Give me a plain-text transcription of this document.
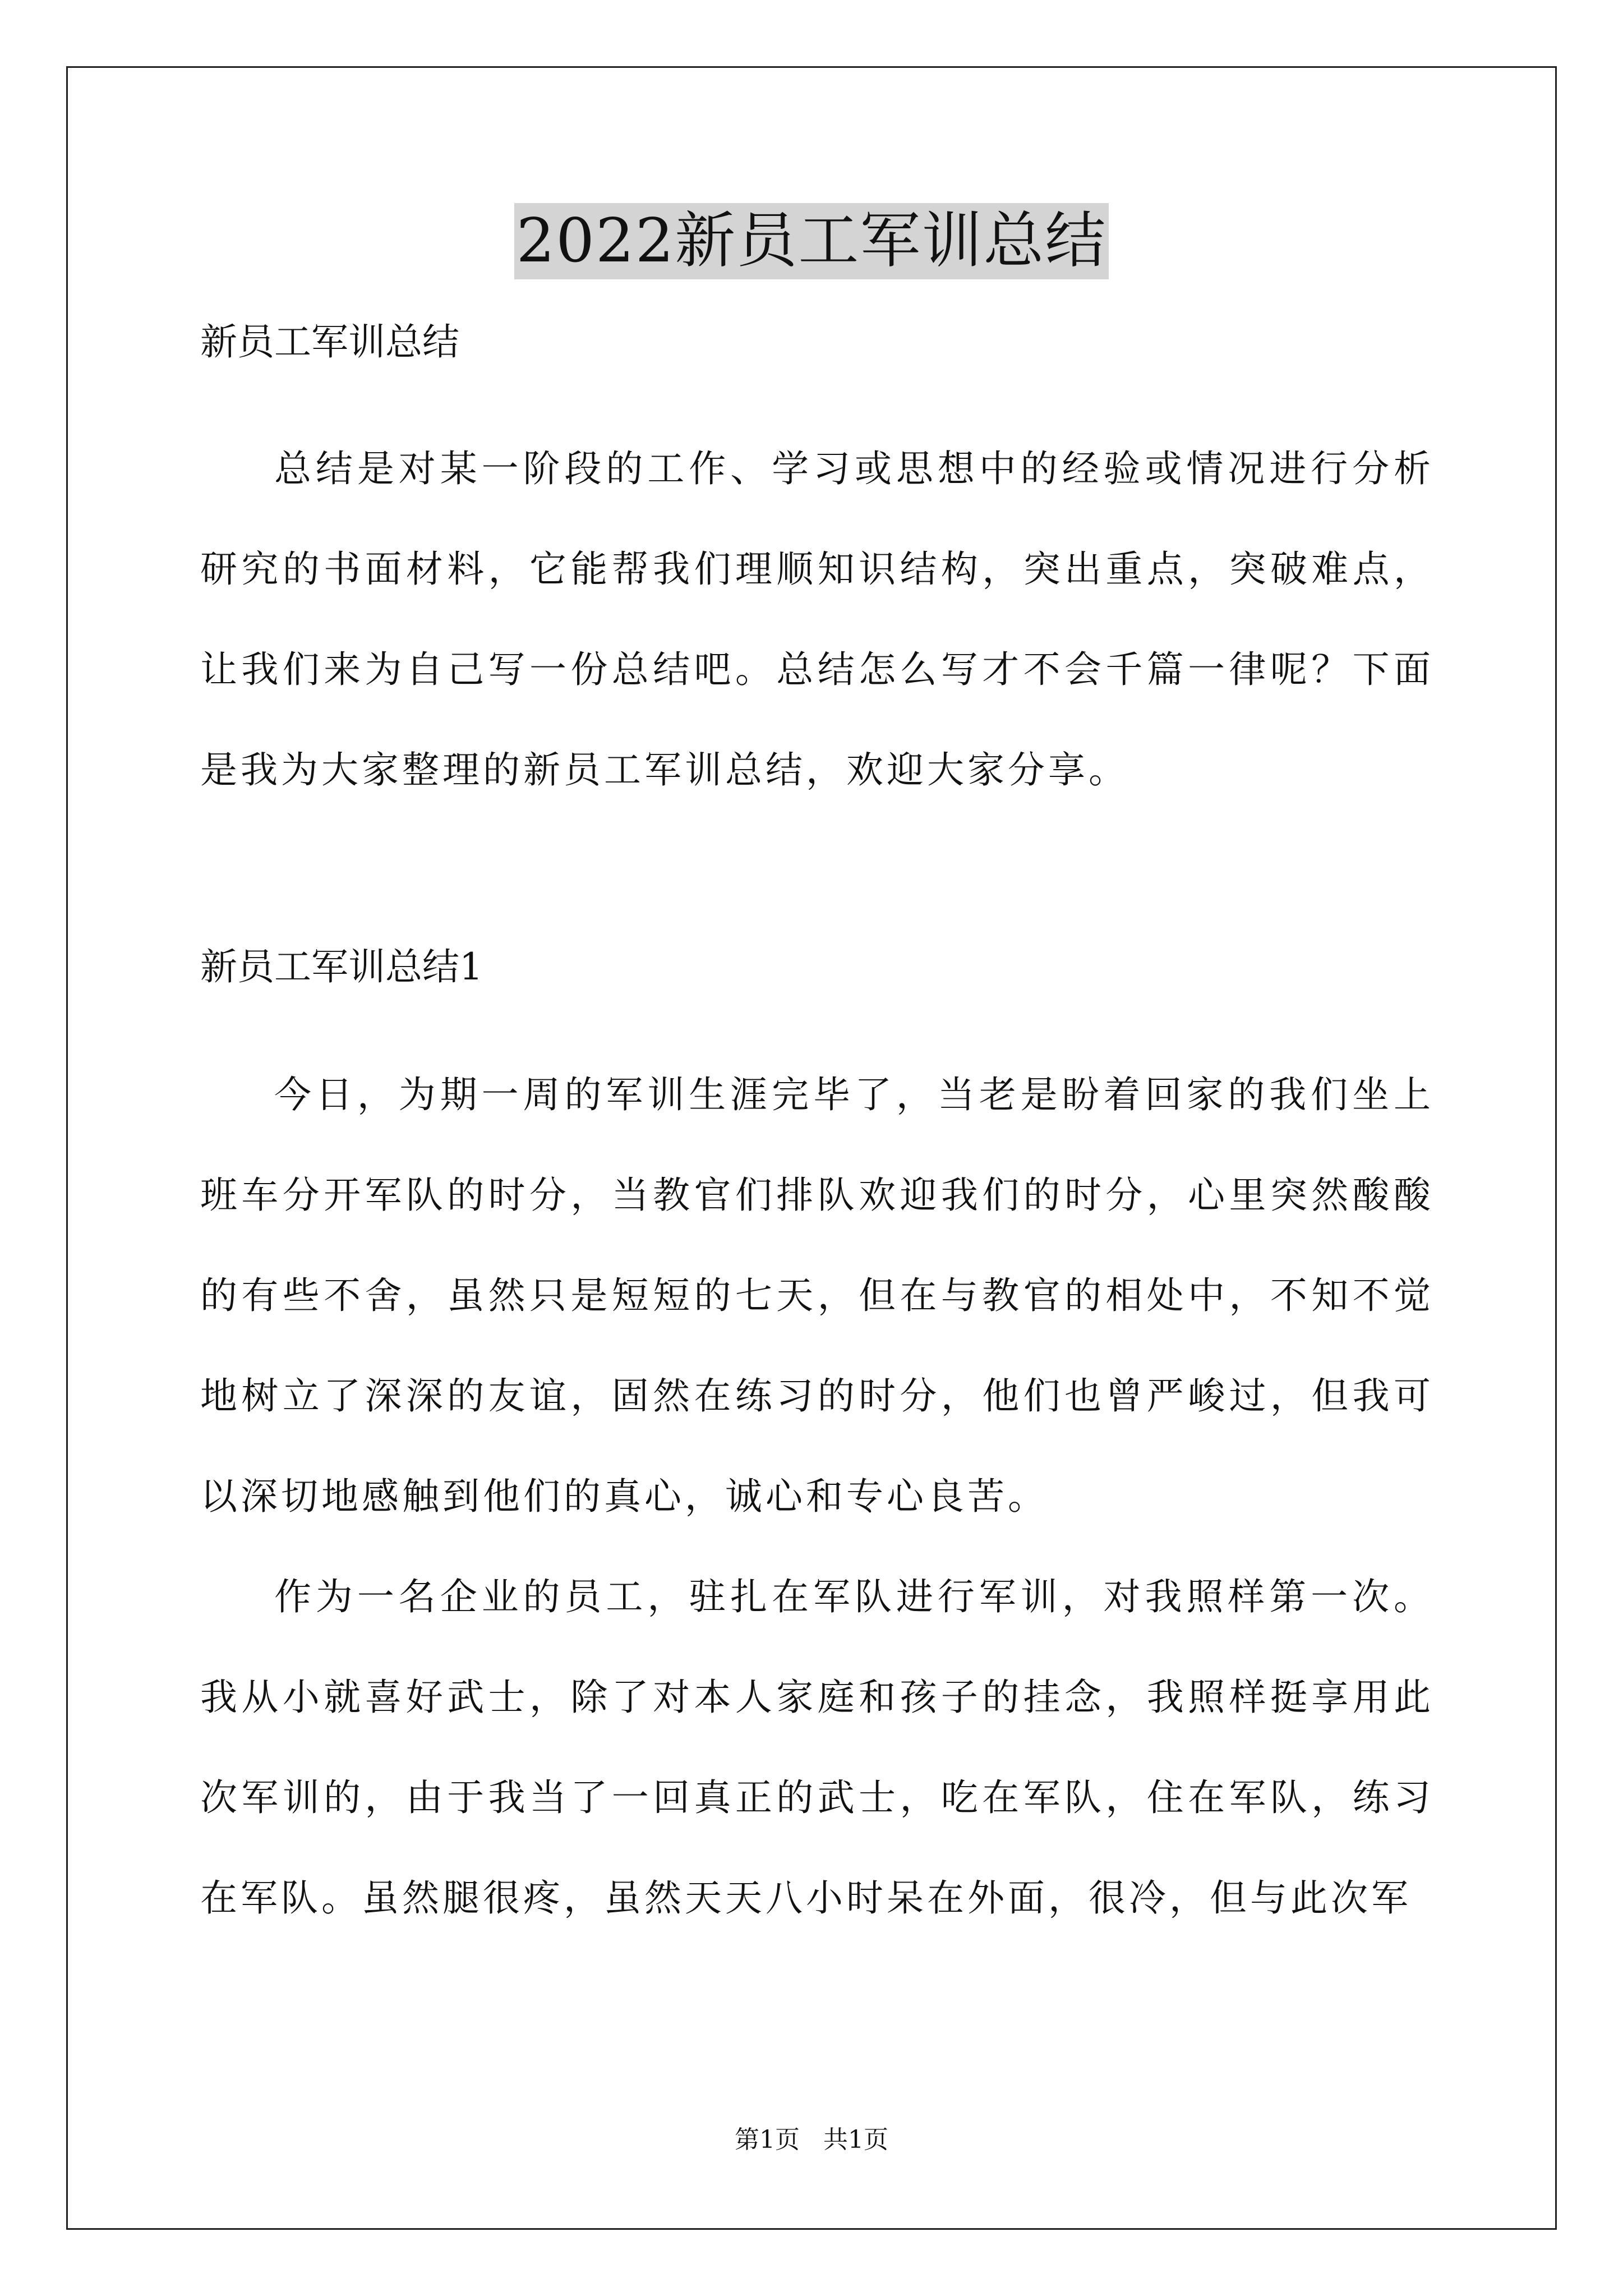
2022新员工军训总结

新员工军训总结

总结是对某一阶段的工作、学习或思想中的经验或情况进行分析研究的书面材料，它能帮我们理顺知识结构，突出重点，突破难点，让我们来为自己写一份总结吧。总结怎么写才不会千篇一律呢？下面是我为大家整理的新员工军训总结，欢迎大家分享。

新员工军训总结1

今日，为期一周的军训生涯完毕了，当老是盼着回家的我们坐上班车分开军队的时分，当教官们排队欢迎我们的时分，心里突然酸酸的有些不舍，虽然只是短短的七天，但在与教官的相处中，不知不觉地树立了深深的友谊，固然在练习的时分，他们也曾严峻过，但我可以深切地感触到他们的真心，诚心和专心良苦。

作为一名企业的员工，驻扎在军队进行军训，对我照样第一次。我从小就喜好武士，除了对本人家庭和孩子的挂念，我照样挺享用此次军训的，由于我当了一回真正的武士，吃在军队，住在军队，练习在军队。虽然腿很疼，虽然天天八小时呆在外面，很冷，但与此次军

第1页   共1页
